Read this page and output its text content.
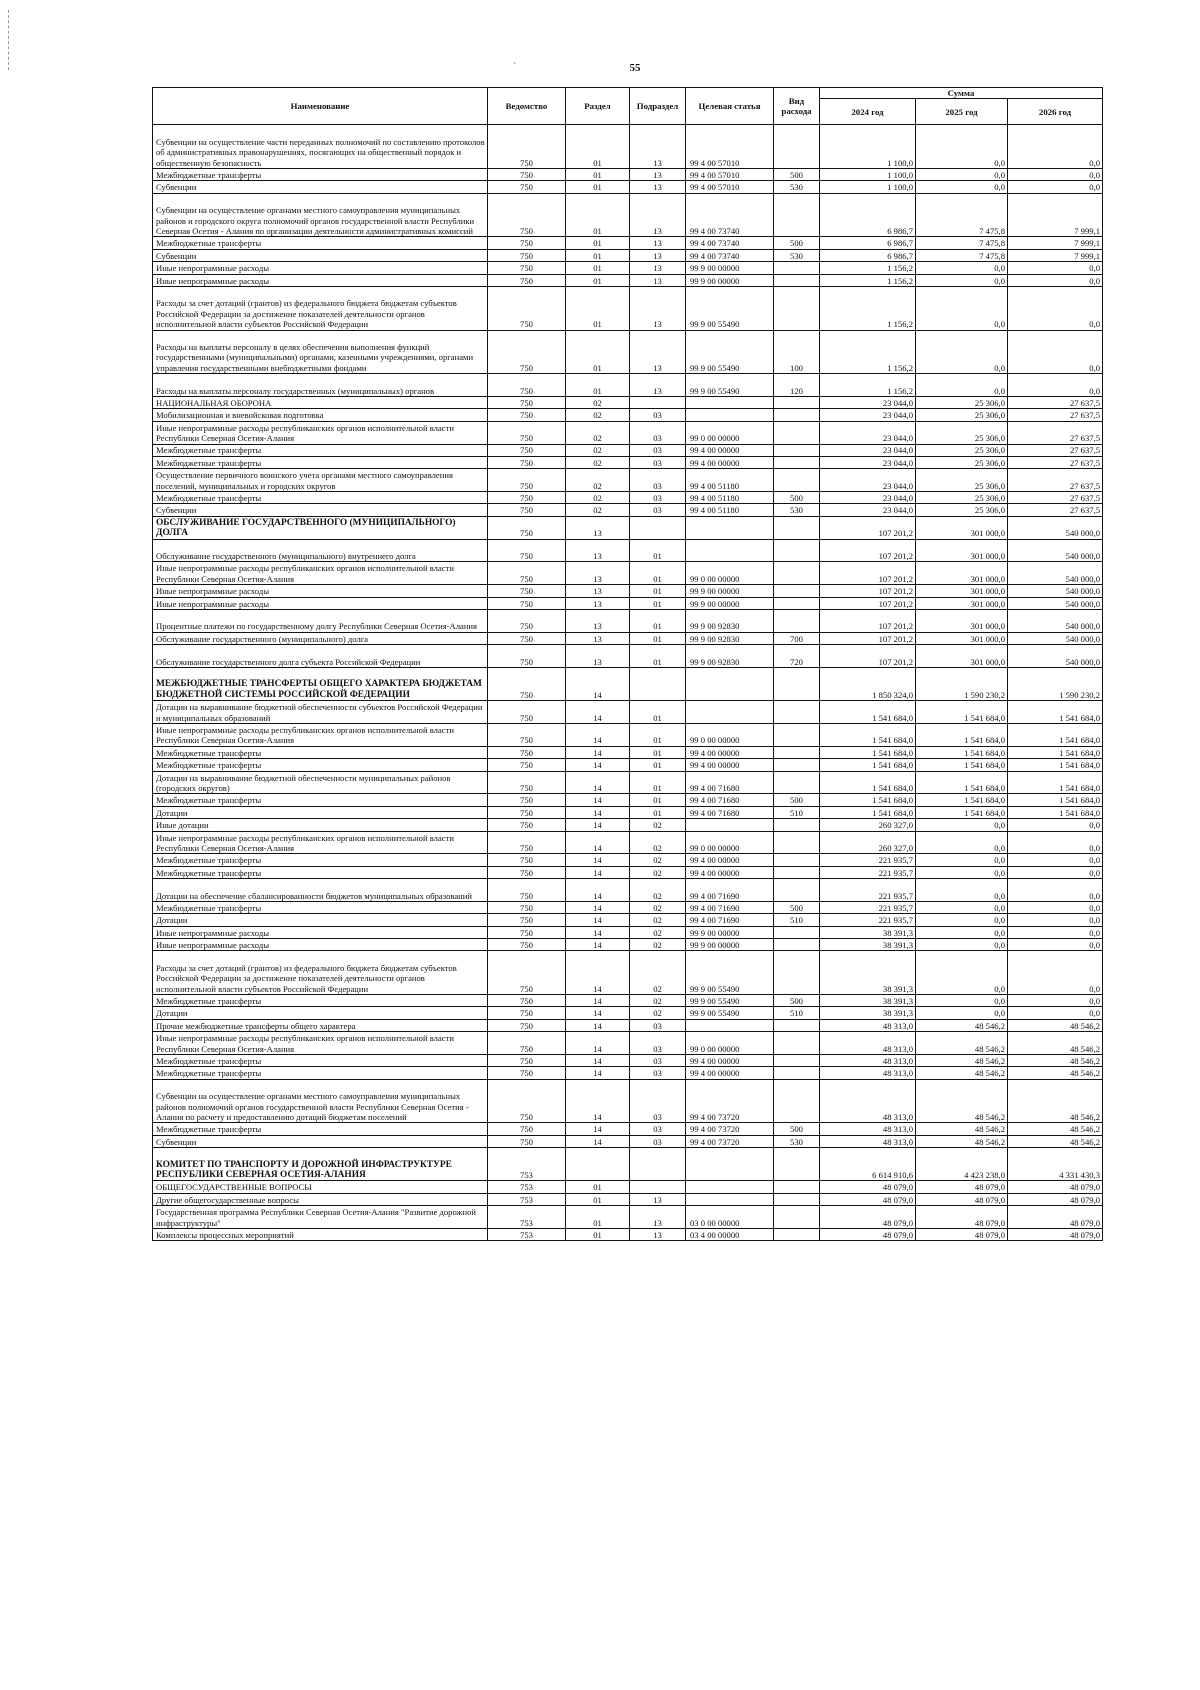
`	55
Наименование	Ведомство	Раздел	Подраздел	Целевая статья	Вид расхода	Сумма		
						2024 год	2025 год	2026 год
Субвенции на осуществление части переданных полномочий по составлению протоколов об административных правонарушениях, посягающих на общественный порядок и общественную безопасность	750	01	13	99 4 00 57010		1 100,0	0,0	0,0
Межбюджетные трансферты	750	01	13	99 4 00 57010	500	1 100,0	0,0	0,0
Субвенции	750	01	13	99 4 00 57010	530	1 100,0	0,0	0,0
Субвенции на осуществление органами местного самоуправления муниципальных районов и городского округа полномочий органов государственной власти Республики Северная Осетия - Алания по организации деятельности административных комиссий	750	01	13	99 4 00 73740		6 986,7	7 475,8	7 999,1
Межбюджетные трансферты	750	01	13	99 4 00 73740	500	6 986,7	7 475,8	7 999,1
Субвенции	750	01	13	99 4 00 73740	530	6 986,7	7 475,8	7 999,1
Иные непрограммные расходы	750	01	13	99 9 00 00000		1 156,2	0,0	0,0
Иные непрограммные расходы	750	01	13	99 9 00 00000		1 156,2	0,0	0,0
Расходы за счет дотаций (грантов) из федерального бюджета бюджетам субъектов Российской Федерации за достижение показателей деятельности органов исполнительной власти субъектов Российской Федерации	750	01	13	99 9 00 55490		1 156,2	0,0	0,0
Расходы на выплаты персоналу в целях обеспечения выполнения функций государственными (муниципальными) органами, казенными учреждениями, органами управления государственными внебюджетными фондами	750	01	13	99 9 00 55490	100	1 156,2	0,0	0,0
Расходы на выплаты персоналу государственных (муниципальных) органов	750	01	13	99 9 00 55490	120	1 156,2	0,0	0,0
НАЦИОНАЛЬНАЯ ОБОРОНА	750	02				23 044,0	25 306,0	27 637,5
Мобилизационная и вневойсковая подготовка	750	02	03			23 044,0	25 306,0	27 637,5
Иные непрограммные расходы республиканских органов исполнительной власти Республики Северная Осетия-Алания	750	02	03	99 0 00 00000		23 044,0	25 306,0	27 637,5
Межбюджетные трансферты	750	02	03	99 4 00 00000		23 044,0	25 306,0	27 637,5
Межбюджетные трансферты	750	02	03	99 4 00 00000		23 044,0	25 306,0	27 637,5
Осуществление первичного воинского учета органами местного самоуправления поселений, муниципальных и городских округов	750	02	03	99 4 00 51180		23 044,0	25 306,0	27 637,5
Межбюджетные трансферты	750	02	03	99 4 00 51180	500	23 044,0	25 306,0	27 637,5
Субвенции	750	02	03	99 4 00 51180	530	23 044,0	25 306,0	27 637,5
ОБСЛУЖИВАНИЕ ГОСУДАРСТВЕННОГО (МУНИЦИПАЛЬНОГО) ДОЛГА	750	13				107 201,2	301 000,0	540 000,0
Обслуживание государственного (муниципального) внутреннего долга	750	13	01			107 201,2	301 000,0	540 000,0
Иные непрограммные расходы республиканских органов исполнительной власти Республики Северная Осетия-Алания	750	13	01	99 0 00 00000		107 201,2	301 000,0	540 000,0
Иные непрограммные расходы	750	13	01	99 9 00 00000		107 201,2	301 000,0	540 000,0
Иные непрограммные расходы	750	13	01	99 9 00 00000		107 201,2	301 000,0	540 000,0
Процентные платежи по государственному долгу Республики Северная Осетия-Алания	750	13	01	99 9 00 92830		107 201,2	301 000,0	540 000,0
Обслуживание государственного (муниципального) долга	750	13	01	99 9 00 92830	700	107 201,2	301 000,0	540 000,0
Обслуживание государственного долга субъекта Российской Федерации	750	13	01	99 9 00 92830	720	107 201,2	301 000,0	540 000,0
МЕЖБЮДЖЕТНЫЕ ТРАНСФЕРТЫ ОБЩЕГО ХАРАКТЕРА БЮДЖЕТАМ БЮДЖЕТНОЙ СИСТЕМЫ РОССИЙСКОЙ ФЕДЕРАЦИИ	750	14				1 850 324,0	1 590 230,2	1 590 230,2
Дотации на выравнивание бюджетной обеспеченности субъектов Российской Федерации и муниципальных образований	750	14	01			1 541 684,0	1 541 684,0	1 541 684,0
Иные непрограммные расходы республиканских органов исполнительной власти Республики Северная Осетия-Алания	750	14	01	99 0 00 00000		1 541 684,0	1 541 684,0	1 541 684,0
Межбюджетные трансферты	750	14	01	99 4 00 00000		1 541 684,0	1 541 684,0	1 541 684,0
Межбюджетные трансферты	750	14	01	99 4 00 00000		1 541 684,0	1 541 684,0	1 541 684,0
Дотации на выравнивание бюджетной обеспеченности муниципальных районов (городских округов)	750	14	01	99 4 00 71680		1 541 684,0	1 541 684,0	1 541 684,0
Межбюджетные трансферты	750	14	01	99 4 00 71680	500	1 541 684,0	1 541 684,0	1 541 684,0
Дотации	750	14	01	99 4 00 71680	510	1 541 684,0	1 541 684,0	1 541 684,0
Иные дотации	750	14	02			260 327,0	0,0	0,0
Иные непрограммные расходы республиканских органов исполнительной власти Республики Северная Осетия-Алания	750	14	02	99 0 00 00000		260 327,0	0,0	0,0
Межбюджетные трансферты	750	14	02	99 4 00 00000		221 935,7	0,0	0,0
Межбюджетные трансферты	750	14	02	99 4 00 00000		221 935,7	0,0	0,0
Дотации на обеспечение сбалансированности бюджетов муниципальных образований	750	14	02	99 4 00 71690		221 935,7	0,0	0,0
Межбюджетные трансферты	750	14	02	99 4 00 71690	500	221 935,7	0,0	0,0
Дотации	750	14	02	99 4 00 71690	510	221 935,7	0,0	0,0
Иные непрограммные расходы	750	14	02	99 9 00 00000		38 391,3	0,0	0,0
Иные непрограммные расходы	750	14	02	99 9 00 00000		38 391,3	0,0	0,0
Расходы за счет дотаций (грантов) из федерального бюджета бюджетам субъектов Российской Федерации за достижение показателей деятельности органов исполнительной власти субъектов Российской Федерации	750	14	02	99 9 00 55490		38 391,3	0,0	0,0
Межбюджетные трансферты	750	14	02	99 9 00 55490	500	38 391,3	0,0	0,0
Дотации	750	14	02	99 9 00 55490	510	38 391,3	0,0	0,0
Прочие межбюджетные трансферты общего характера	750	14	03			48 313,0	48 546,2	48 546,2
Иные непрограммные расходы республиканских органов исполнительной власти Республики Северная Осетия-Алания	750	14	03	99 0 00 00000		48 313,0	48 546,2	48 546,2
Межбюджетные трансферты	750	14	03	99 4 00 00000		48 313,0	48 546,2	48 546,2
Межбюджетные трансферты	750	14	03	99 4 00 00000		48 313,0	48 546,2	48 546,2
Субвенции на осуществление органами местного самоуправления муниципальных районов полномочий органов государственной власти Республики Северная Осетия - Алания по расчету и предоставлению дотаций бюджетам поселений	750	14	03	99 4 00 73720		48 313,0	48 546,2	48 546,2
Межбюджетные трансферты	750	14	03	99 4 00 73720	500	48 313,0	48 546,2	48 546,2
Субвенции	750	14	03	99 4 00 73720	530	48 313,0	48 546,2	48 546,2
КОМИТЕТ ПО ТРАНСПОРТУ И ДОРОЖНОЙ ИНФРАСТРУКТУРЕ РЕСПУБЛИКИ СЕВЕРНАЯ ОСЕТИЯ-АЛАНИЯ	753					6 614 910,6	4 423 238,0	4 331 430,3
ОБЩЕГОСУДАРСТВЕННЫЕ ВОПРОСЫ	753	01				48 079,0	48 079,0	48 079,0
Другие общегосударственные вопросы	753	01	13			48 079,0	48 079,0	48 079,0
Государственная программа Республики Северная Осетия-Алания "Развитие дорожной инфраструктуры"	753	01	13	03 0 00 00000		48 079,0	48 079,0	48 079,0
Комплексы процессных мероприятий	753	01	13	03 4 00 00000		48 079,0	48 079,0	48 079,0
